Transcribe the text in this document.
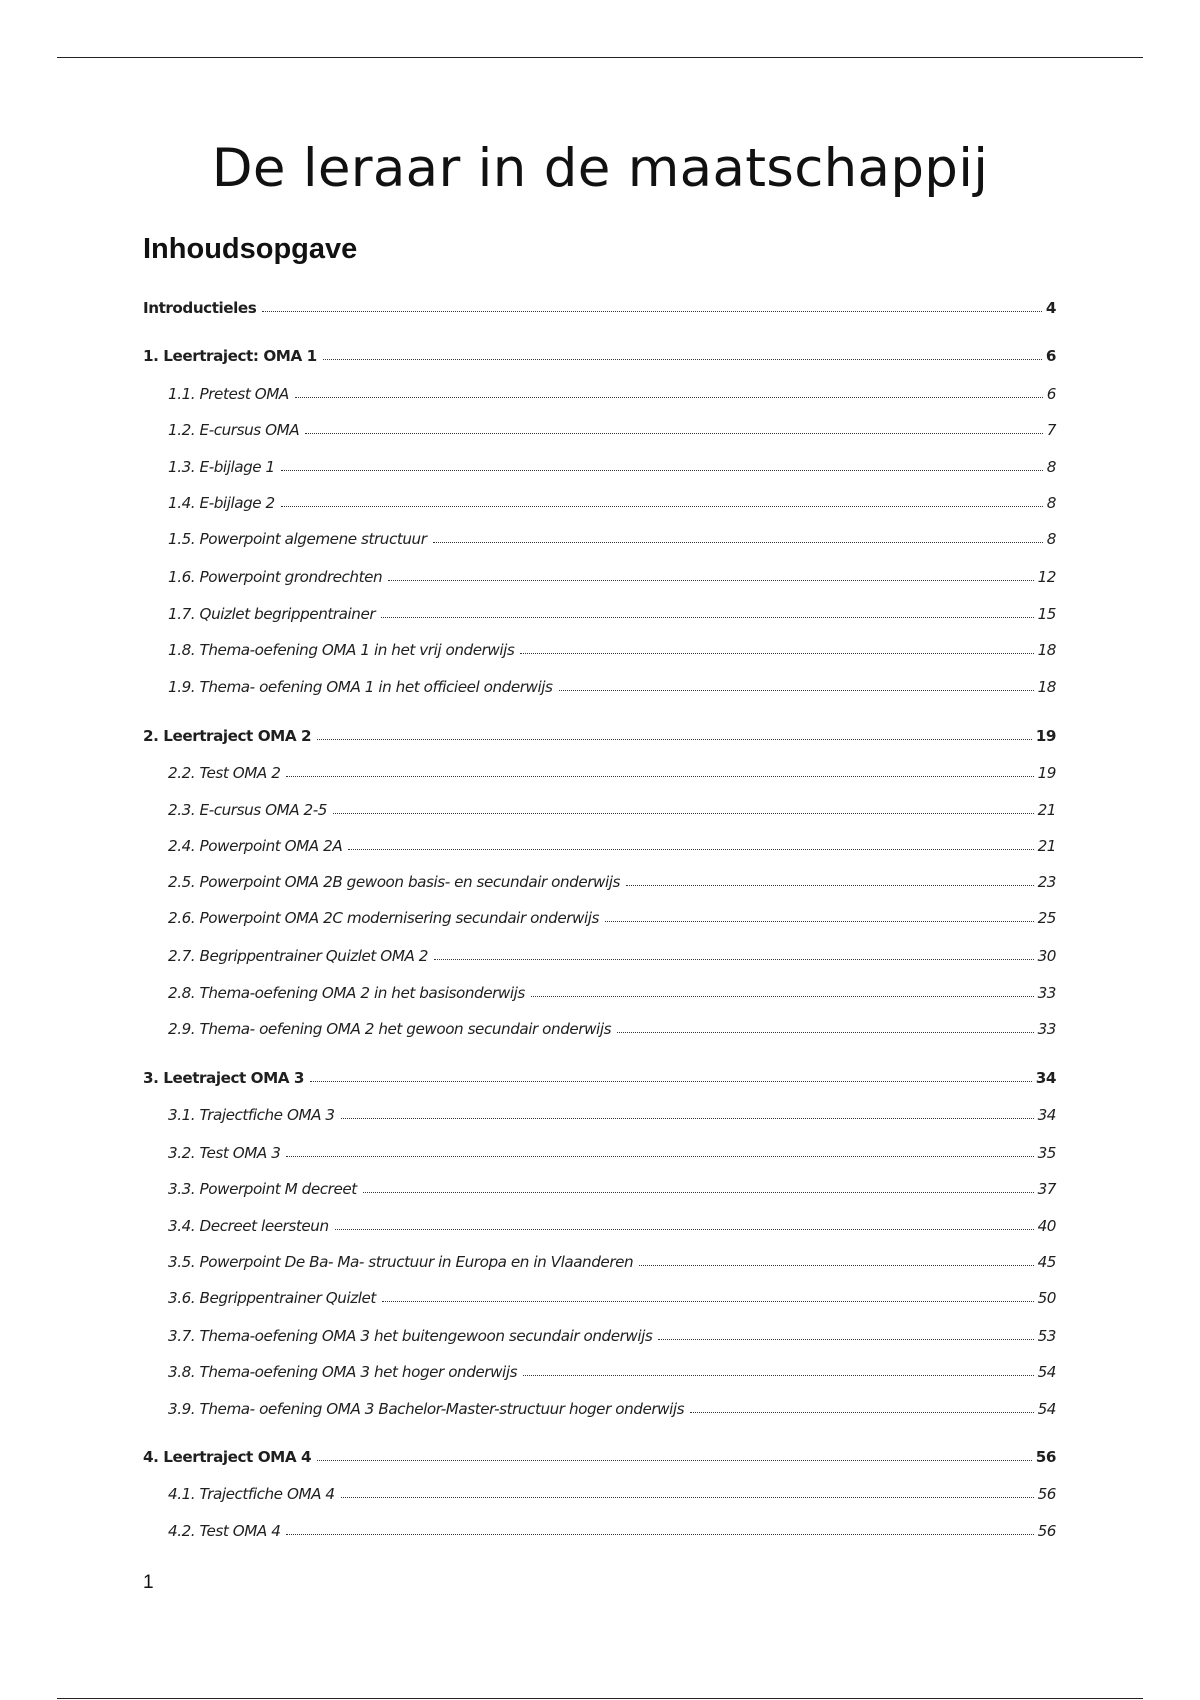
De leraar in de maatschappij
Inhoudsopgave
Introductieles	4
1. Leertraject: OMA 1	6
1.1. Pretest OMA	6
1.2. E-cursus OMA	7
1.3. E-bijlage 1	8
1.4. E-bijlage 2	8
1.5. Powerpoint algemene structuur	8
1.6. Powerpoint grondrechten	12
1.7. Quizlet begrippentrainer	15
1.8. Thema-oefening OMA 1 in het vrij onderwijs	18
1.9. Thema- oefening OMA 1 in het officieel onderwijs	18
2. Leertraject OMA 2	19
2.2. Test OMA 2	19
2.3. E-cursus OMA 2-5	21
2.4. Powerpoint OMA 2A	21
2.5. Powerpoint OMA 2B gewoon basis- en secundair onderwijs	23
2.6. Powerpoint OMA 2C modernisering secundair onderwijs	25
2.7. Begrippentrainer Quizlet OMA 2	30
2.8. Thema-oefening OMA 2 in het basisonderwijs	33
2.9. Thema- oefening OMA 2 het gewoon secundair onderwijs	33
3. Leetraject OMA 3	34
3.1. Trajectfiche OMA 3	34
3.2. Test OMA 3	35
3.3. Powerpoint M decreet	37
3.4. Decreet leersteun	40
3.5. Powerpoint De Ba- Ma- structuur in Europa en in Vlaanderen	45
3.6. Begrippentrainer Quizlet	50
3.7. Thema-oefening OMA 3 het buitengewoon secundair onderwijs	53
3.8. Thema-oefening OMA 3 het hoger onderwijs	54
3.9. Thema- oefening OMA 3 Bachelor-Master-structuur hoger onderwijs	54
4. Leertraject OMA 4	56
4.1. Trajectfiche OMA 4	56
4.2. Test OMA 4	56
1
